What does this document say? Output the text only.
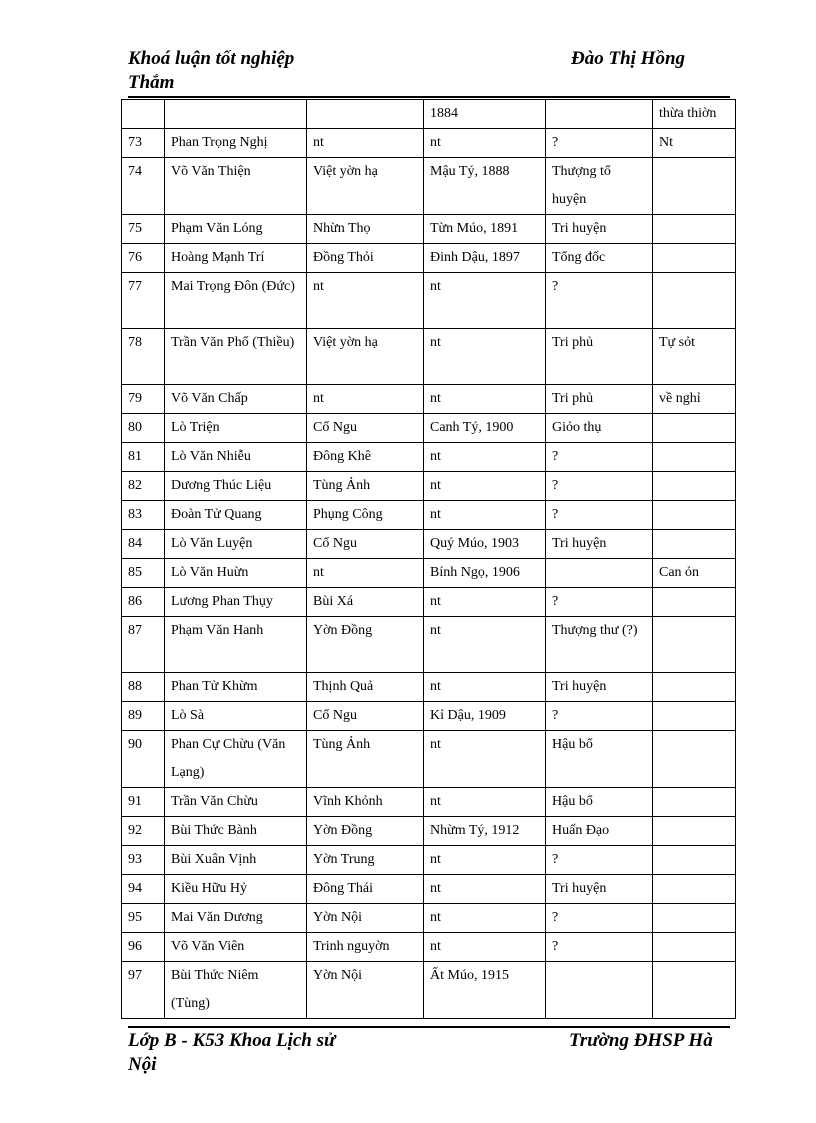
Khoá luận tốt nghiệp
Thắm
Đào Thị Hồng
			1884		thừa thiờn
73	Phan Trọng Nghị	nt	nt	?	Nt
74	Võ Văn Thiện	Việt yờn hạ	Mậu Tý, 1888	Thượng tổ huyện	
75	Phạm Văn Lóng	Nhừn Thọ	Từn Múo, 1891	Tri huyện	
76	Hoàng Mạnh Trí	Đồng Thỏi	Đinh Dậu, 1897	Tổng đốc	
77	Mai Trọng Đôn (Đức)	nt	nt	?	
78	Trần Văn Phổ (Thiều)	Việt yờn hạ	nt	Tri phủ	Tự sỏt
79	Võ Văn Chấp	nt	nt	Tri phủ	về nghỉ
80	Lò Triện	Cổ Ngu	Canh Tý, 1900	Giỏo thụ	
81	Lò Văn Nhiễu	Đông Khê	nt	?	
82	Dương Thúc Liệu	Tùng Ảnh	nt	?	
83	Đoàn Tử Quang	Phụng Công	nt	?	
84	Lò Văn Luyện	Cổ Ngu	Quý Múo, 1903	Tri huyện	
85	Lò Văn Huừn	nt	Bính Ngọ, 1906		Can ỏn
86	Lương Phan Thụy	Bùi Xá	nt	?	
87	Phạm Văn Hanh	Yờn Đồng	nt	Thượng thư (?)	
88	Phan Tử Khừm	Thịnh Quả	nt	Tri huyện	
89	Lò Sà	Cổ Ngu	Kỉ Dậu, 1909	?	
90	Phan Cự Chừu (Văn Lạng)	Tùng Ảnh	nt	Hậu bổ	
91	Trần Văn Chừu	Vĩnh Khỏnh	nt	Hậu bổ	
92	Bùi Thức Bành	Yờn Đồng	Nhừm Tý, 1912	Huấn Đạo	
93	Bùi Xuân Vịnh	Yờn Trung	nt	?	
94	Kiều Hữu Hỷ	Đông Thái	nt	Tri huyện	
95	Mai Văn Dương	Yờn Nội	nt	?	
96	Võ Văn Viên	Trinh nguyờn	nt	?	
97	Bùi Thức Niêm (Tùng)	Yờn Nội	Ất Múo, 1915		
Lớp B - K53 Khoa Lịch sử
Nội
Trường ĐHSP Hà
